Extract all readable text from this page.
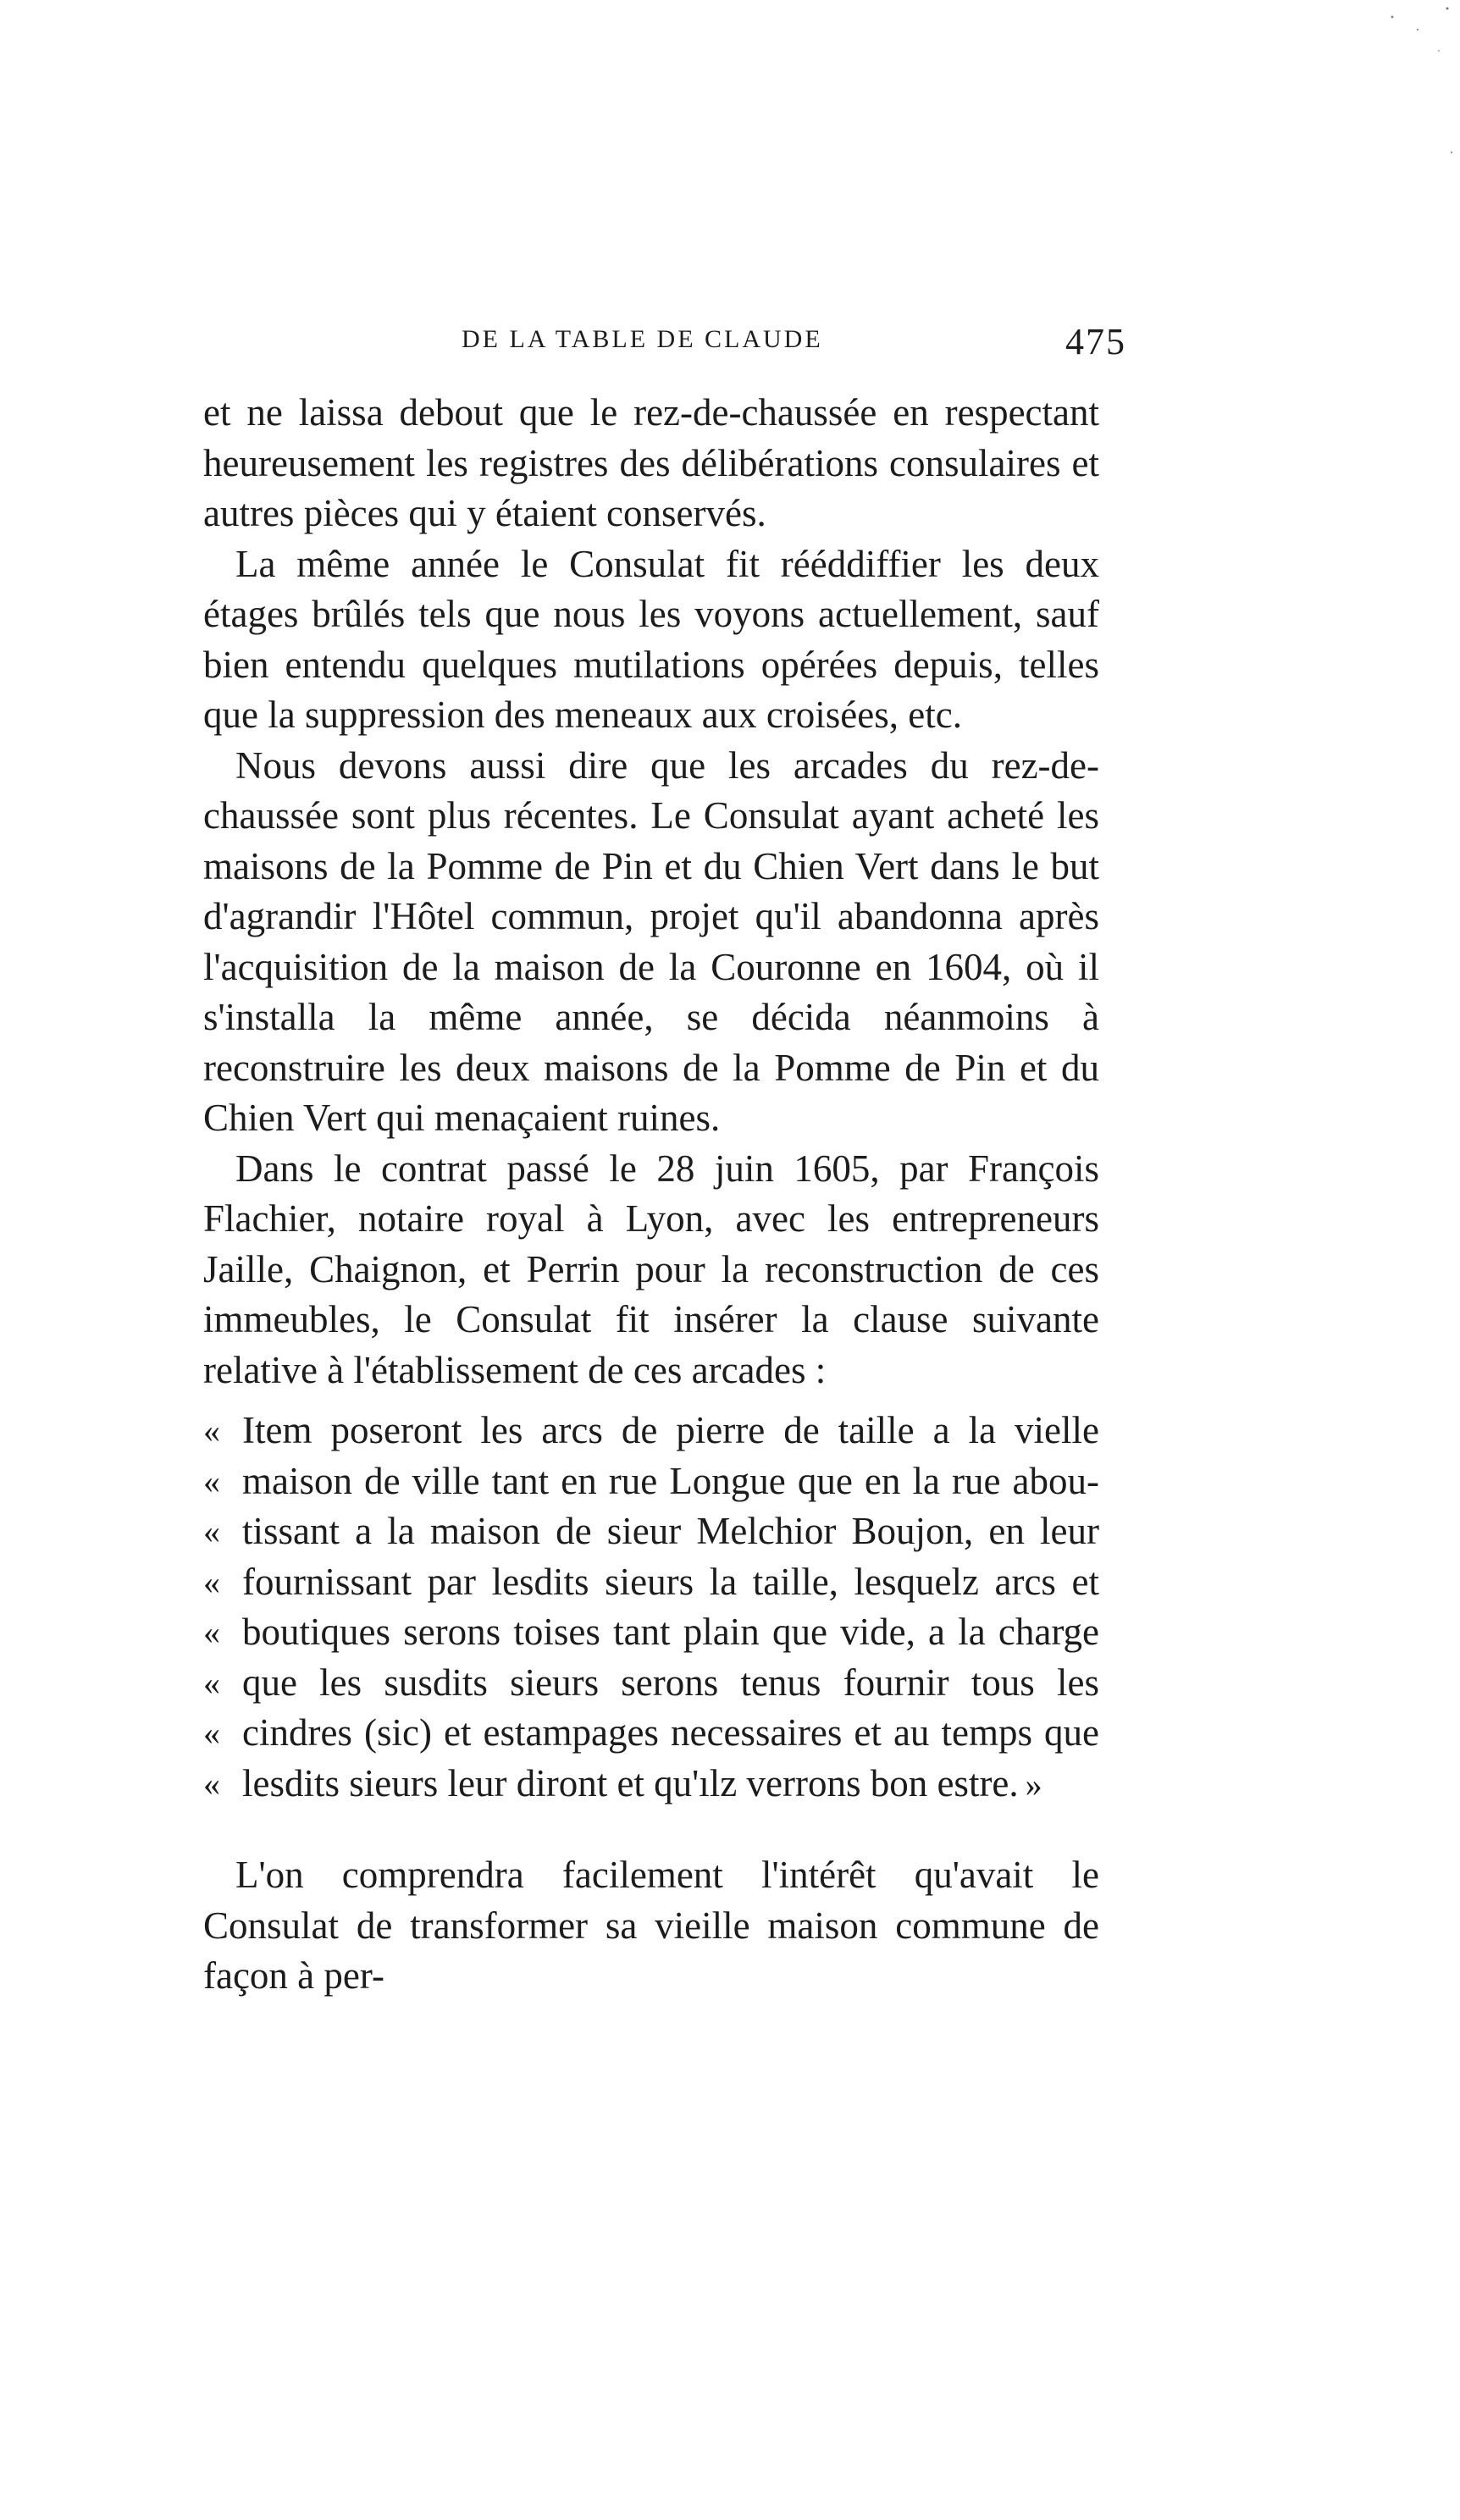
DE LA TABLE DE CLAUDE	475

et ne laissa debout que le rez-de-chaussée en respectant heureusement les registres des délibérations consulaires et autres pièces qui y étaient conservés.

La même année le Consulat fit rééddiffier les deux étages brûlés tels que nous les voyons actuellement, sauf bien entendu quelques mutilations opérées depuis, telles que la suppression des meneaux aux croisées, etc.

Nous devons aussi dire que les arcades du rez-de-chaussée sont plus récentes. Le Consulat ayant acheté les maisons de la Pomme de Pin et du Chien Vert dans le but d'agrandir l'Hôtel commun, projet qu'il abandonna après l'acquisition de la maison de la Couronne en 1604, où il s'installa la même année, se décida néanmoins à reconstruire les deux maisons de la Pomme de Pin et du Chien Vert qui menaçaient ruines.

Dans le contrat passé le 28 juin 1605, par François Flachier, notaire royal à Lyon, avec les entrepreneurs Jaille, Chaignon, et Perrin pour la reconstruction de ces immeubles, le Consulat fit insérer la clause suivante relative à l'établissement de ces arcades :

« Item poseront les arcs de pierre de taille a la vielle
« maison de ville tant en rue Longue que en la rue abou-
« tissant a la maison de sieur Melchior Boujon, en leur
« fournissant par lesdits sieurs la taille, lesquelz arcs et
« boutiques serons toises tant plain que vide, a la charge
« que les susdits sieurs serons tenus fournir tous les
« cindres (sic) et estampages necessaires et au temps que
« lesdits sieurs leur diront et qu'ılz verrons bon estre. »

L'on comprendra facilement l'intérêt qu'avait le Consulat de transformer sa vieille maison commune de façon à per-
